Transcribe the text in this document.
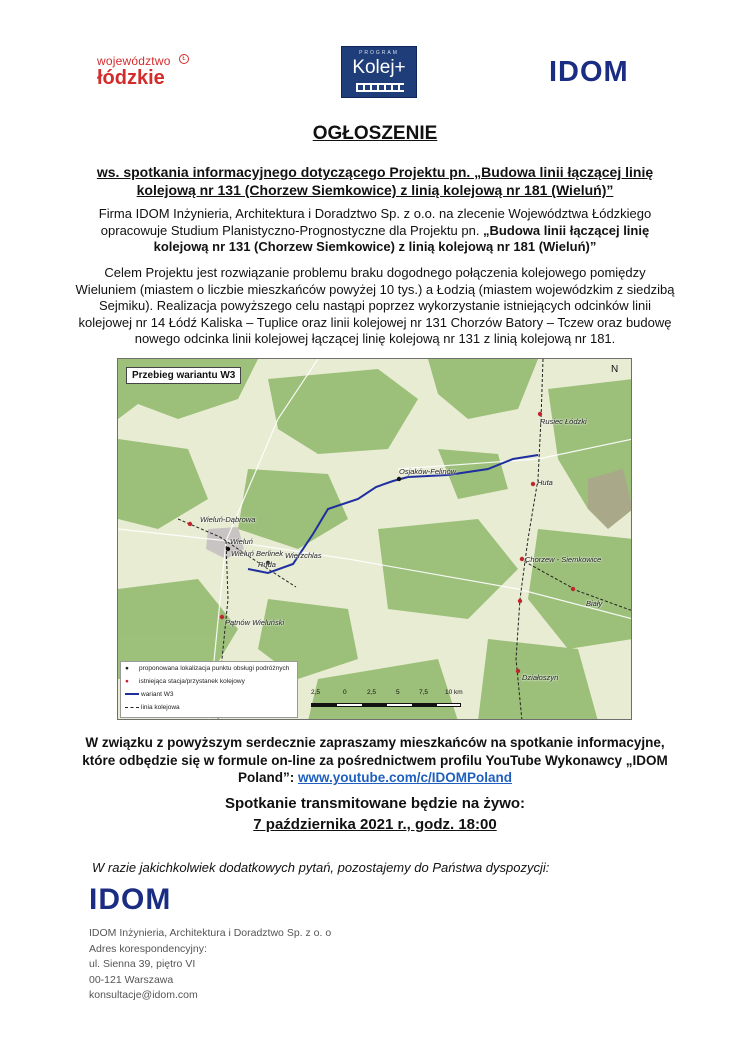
województwo	Ł
łódzkie
PROGRAM
Kolej+	IDOM
OGŁOSZENIE
ws. spotkania informacyjnego dotyczącego Projektu pn. „Budowa linii łączącej linię kolejową nr 131 (Chorzew Siemkowice) z linią kolejową nr 181 (Wieluń)”
Firma IDOM Inżynieria, Architektura i Doradztwo Sp. z o.o. na zlecenie Województwa Łódzkiego opracowuje Studium Planistyczno-Prognostyczne dla Projektu pn. „Budowa linii łączącej linię kolejową nr 131 (Chorzew Siemkowice) z linią kolejową nr 181 (Wieluń)”
Celem Projektu jest rozwiązanie problemu braku dogodnego połączenia kolejowego pomiędzy Wieluniem (miastem o liczbie mieszkańców powyżej 10 tys.) a Łodzią (miastem wojewódzkim z siedzibą Sejmiku). Realizacja powyższego celu nastąpi poprzez wykorzystanie istniejących odcinków linii kolejowej nr 14 Łódź Kaliska – Tuplice oraz linii kolejowej nr 131 Chorzów Batory – Tczew oraz budowę nowego odcinka linii kolejowej łączącej linię kolejową nr 131 z linią kolejową nr 181.
Przebieg wariantu W3
N
Rusiec Łódzki
Osjaków-Felinów
Huta
Wieluń-Dąbrowa
Wieluń
Wieluń Berlinek Wierzchlas
Ruda
Chorzew - Siemkowice
Biały
Pątnów Wieluński
Działoszyn
● proponowana lokalizacja punktu obsługi podróżnych
● istniejąca stacja/przystanek kolejowy
wariant W3
linia kolejowa
2,5	0	2,5	5	7,5	10 km
W związku z powyższym serdecznie zapraszamy mieszkańców na spotkanie informacyjne, które odbędzie się w formule on-line za pośrednictwem profilu YouTube Wykonawcy „IDOM Poland”: www.youtube.com/c/IDOMPoland
Spotkanie transmitowane będzie na żywo:
7 października 2021 r., godz. 18:00
W razie jakichkolwiek dodatkowych pytań, pozostajemy do Państwa dyspozycji:
IDOM
IDOM Inżynieria, Architektura i Doradztwo Sp. z o. o
Adres korespondencyjny:
ul. Sienna 39, piętro VI
00-121 Warszawa
konsultacje@idom.com
